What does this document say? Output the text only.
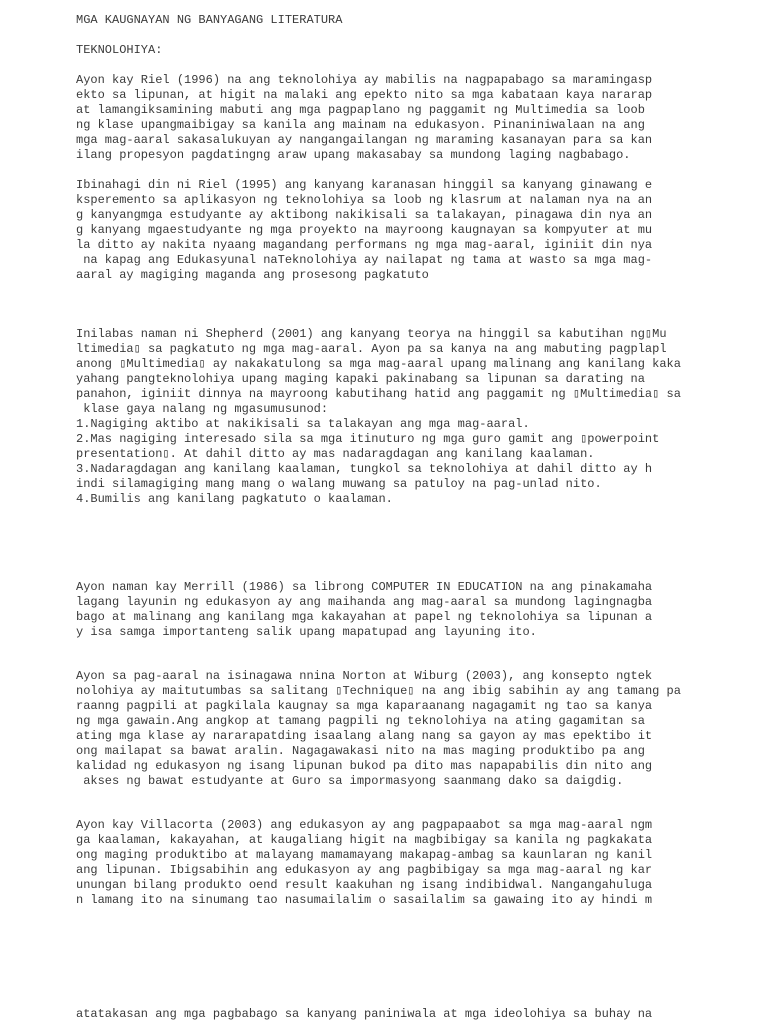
MGA KAUGNAYAN NG BANYAGANG LITERATURA

TEKNOLOHIYA:

Ayon kay Riel (1996) na ang teknolohiya ay mabilis na nagpapabago sa maramingasp

ekto sa lipunan, at higit na malaki ang epekto nito sa mga kabataan kaya nararap

at lamangiksamining mabuti ang mga pagpaplano ng paggamit ng Multimedia sa loob

ng klase upangmaibigay sa kanila ang mainam na edukasyon. Pinaniniwalaan na ang

mga mag-aaral sakasalukuyan ay nangangailangan ng maraming kasanayan para sa kan

ilang propesyon pagdatingng araw upang makasabay sa mundong laging nagbabago.

Ibinahagi din ni Riel (1995) ang kanyang karanasan hinggil sa kanyang ginawang e

ksperemento sa aplikasyon ng teknolohiya sa loob ng klasrum at nalaman nya na an

g kanyangmga estudyante ay aktibong nakikisali sa talakayan, pinagawa din nya an

g kanyang mgaestudyante ng mga proyekto na mayroong kaugnayan sa kompyuter at mu

la ditto ay nakita nyaang magandang performans ng mga mag-aaral, iginiit din nya

na kapag ang Edukasyunal naTeknolohiya ay nailapat ng tama at wasto sa mga mag-

aaral ay magiging maganda ang prosesong pagkatuto

Inilabas naman ni Shepherd (2001) ang kanyang teorya na hinggil sa kabutihan ng▯Mu

ltimedia▯ sa pagkatuto ng mga mag-aaral. Ayon pa sa kanya na ang mabuting pagplapl

anong ▯Multimedia▯ ay nakakatulong sa mga mag-aaral upang malinang ang kanilang kaka

yahang pangteknolohiya upang maging kapaki pakinabang sa lipunan sa darating na

panahon, iginiit dinnya na mayroong kabutihang hatid ang paggamit ng ▯Multimedia▯ sa

klase gaya nalang ng mgasumusunod:

1.Nagiging aktibo at nakikisali sa talakayan ang mga mag-aaral.

2.Mas nagiging interesado sila sa mga itinuturo ng mga guro gamit ang ▯powerpoint

presentation▯. At dahil ditto ay mas nadaragdagan ang kanilang kaalaman.

3.Nadaragdagan ang kanilang kaalaman, tungkol sa teknolohiya at dahil ditto ay h

indi silamagiging mang mang o walang muwang sa patuloy na pag-unlad nito.

4.Bumilis ang kanilang pagkatuto o kaalaman.

Ayon naman kay Merrill (1986) sa librong COMPUTER IN EDUCATION na ang pinakamaha

lagang layunin ng edukasyon ay ang maihanda ang mag-aaral sa mundong lagingnagba

bago at malinang ang kanilang mga kakayahan at papel ng teknolohiya sa lipunan a

y isa samga importanteng salik upang mapatupad ang layuning ito.

Ayon sa pag-aaral na isinagawa nnina Norton at Wiburg (2003), ang konsepto ngtek

nolohiya ay maitutumbas sa salitang ▯Technique▯ na ang ibig sabihin ay ang tamang pa

raanng pagpili at pagkilala kaugnay sa mga kaparaanang nagagamit ng tao sa kanya

ng mga gawain.Ang angkop at tamang pagpili ng teknolohiya na ating gagamitan sa

ating mga klase ay nararapatding isaalang alang nang sa gayon ay mas epektibo it

ong mailapat sa bawat aralin. Nagagawakasi nito na mas maging produktibo pa ang

kalidad ng edukasyon ng isang lipunan bukod pa dito mas napapabilis din nito ang

akses ng bawat estudyante at Guro sa impormasyong saanmang dako sa daigdig.

Ayon kay Villacorta (2003) ang edukasyon ay ang pagpapaabot sa mga mag-aaral ngm

ga kaalaman, kakayahan, at kaugaliang higit na magbibigay sa kanila ng pagkakata

ong maging produktibo at malayang mamamayang makapag-ambag sa kaunlaran ng kanil

ang lipunan. Ibigsabihin ang edukasyon ay ang pagbibigay sa mga mag-aaral ng kar

unungan bilang produkto oend result kaakuhan ng isang indibidwal. Nangangahuluga

n lamang ito na sinumang tao nasumailalim o sasailalim sa gawaing ito ay hindi m

atatakasan ang mga pagbabago sa kanyang paniniwala at mga ideolohiya sa buhay na
